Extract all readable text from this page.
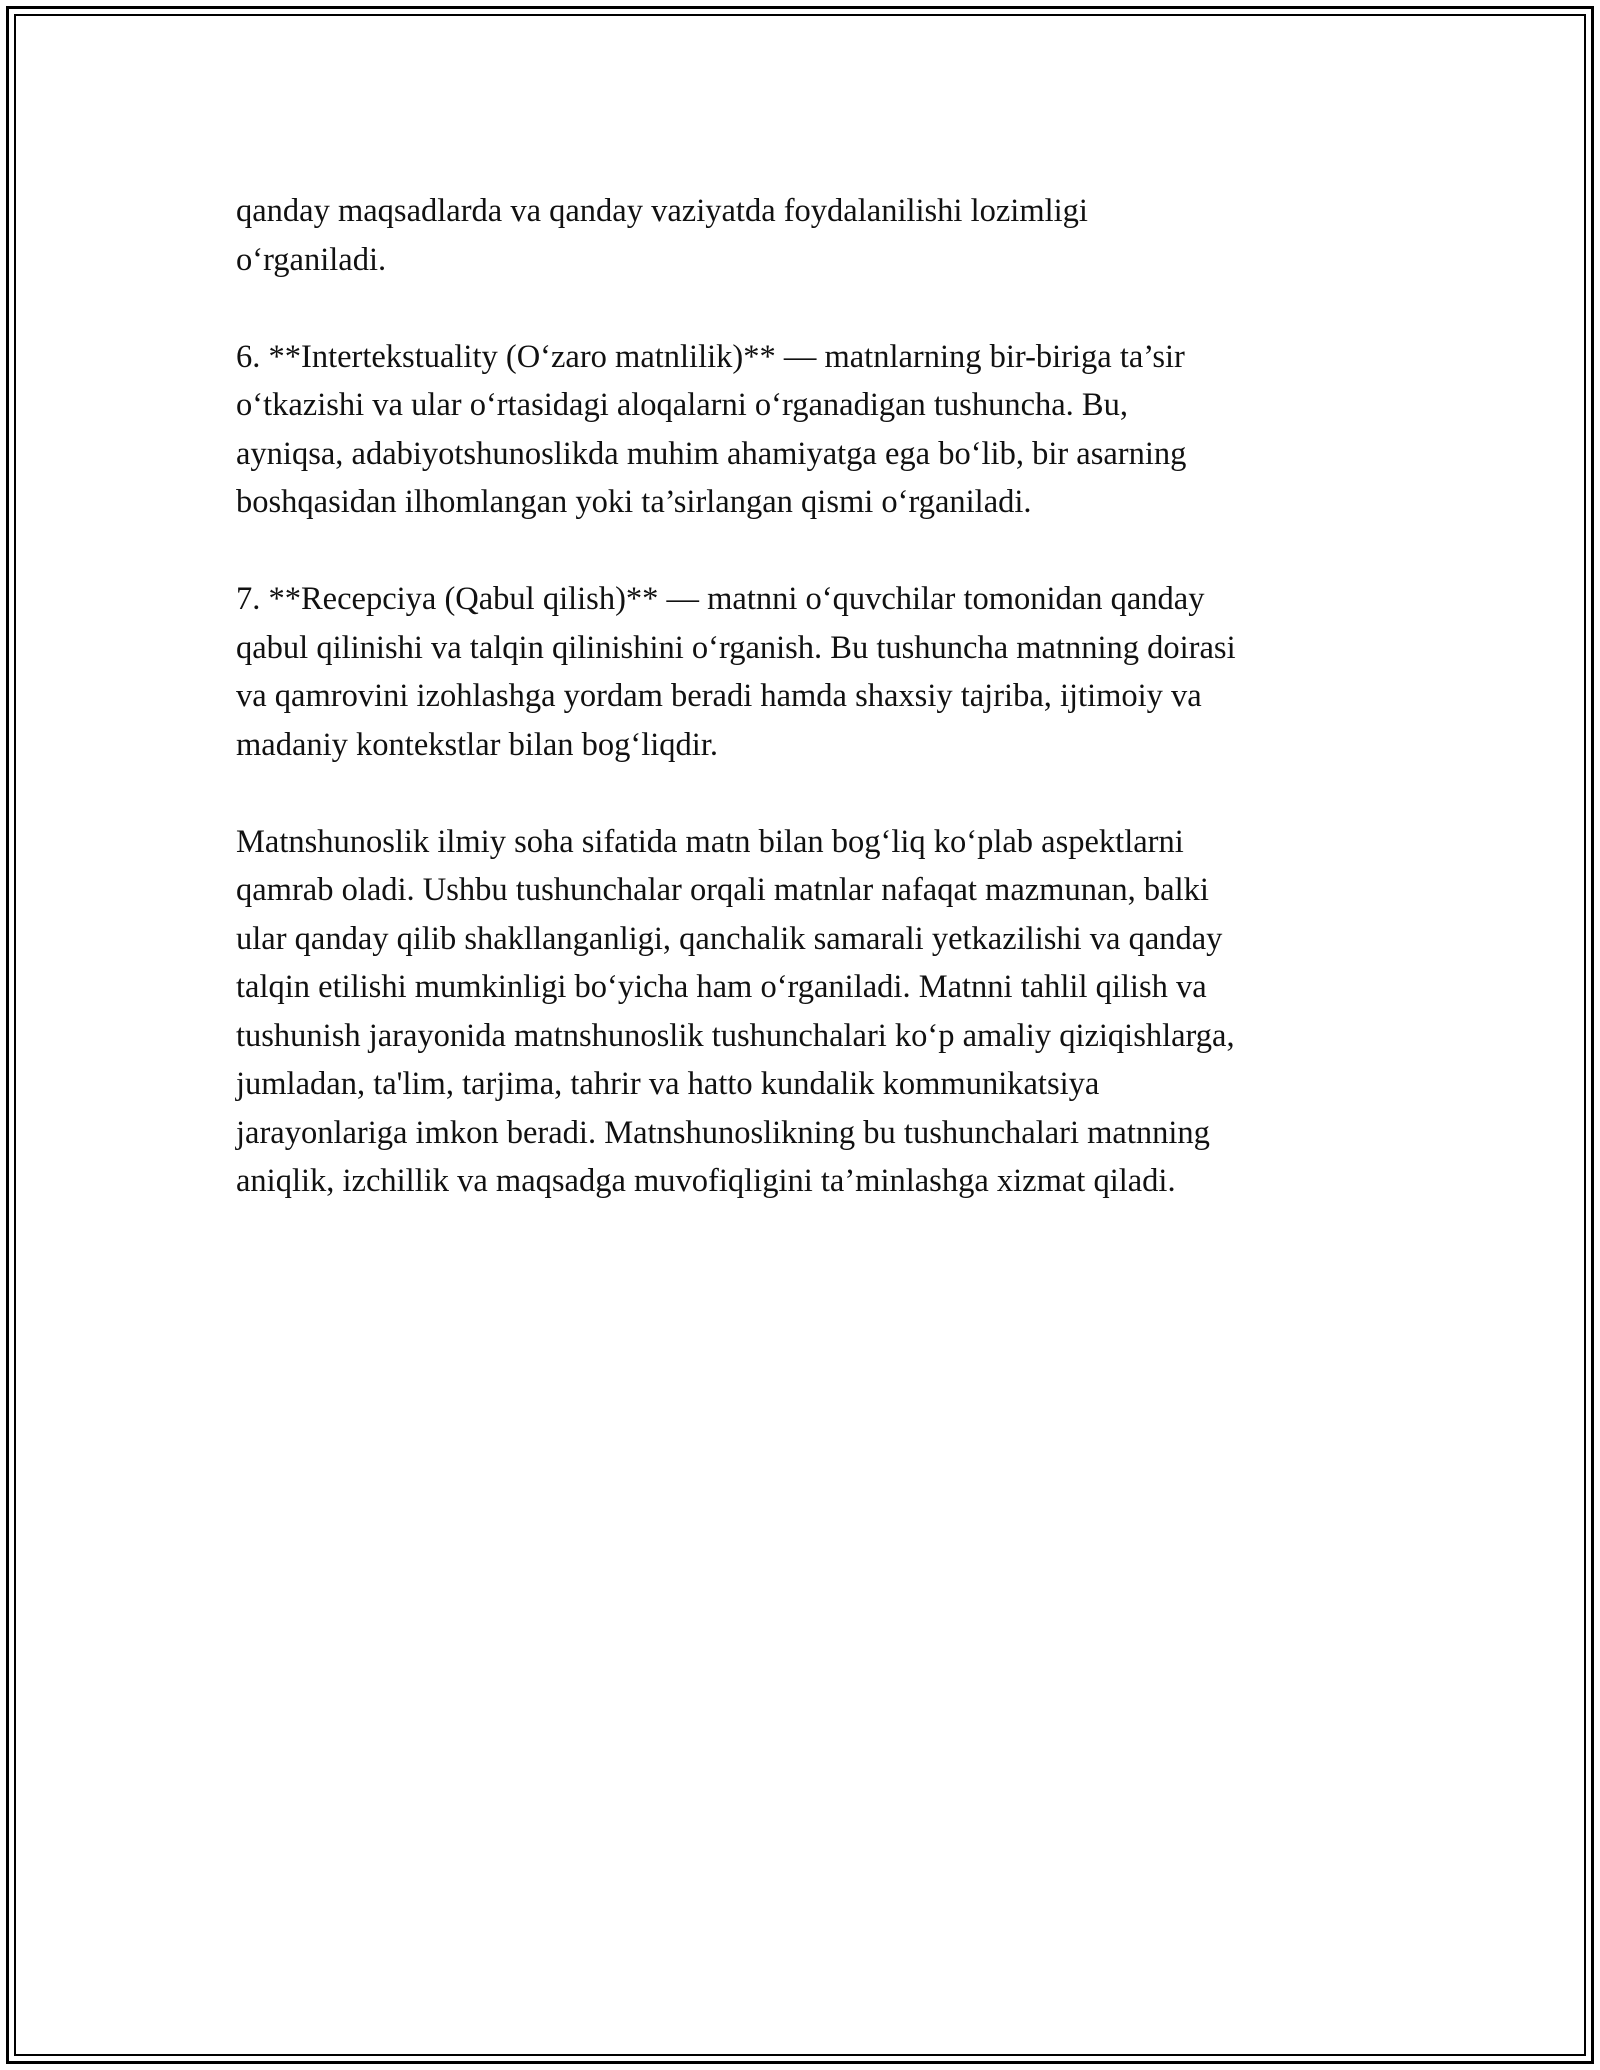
qanday maqsadlarda va qanday vaziyatda foydalanilishi lozimligi
o‘rganiladi.

6. **Intertekstuality (O‘zaro matnlilik)** — matnlarning bir-biriga ta’sir
o‘tkazishi va ular o‘rtasidagi aloqalarni o‘rganadigan tushuncha. Bu,
ayniqsa, adabiyotshunoslikda muhim ahamiyatga ega bo‘lib, bir asarning
boshqasidan ilhomlangan yoki ta’sirlangan qismi o‘rganiladi.

7. **Recepciya (Qabul qilish)** — matnni o‘quvchilar tomonidan qanday
qabul qilinishi va talqin qilinishini o‘rganish. Bu tushuncha matnning doirasi
va qamrovini izohlashga yordam beradi hamda shaxsiy tajriba, ijtimoiy va
madaniy kontekstlar bilan bog‘liqdir.

Matnshunoslik ilmiy soha sifatida matn bilan bog‘liq ko‘plab aspektlarni
qamrab oladi. Ushbu tushunchalar orqali matnlar nafaqat mazmunan, balki
ular qanday qilib shakllanganligi, qanchalik samarali yetkazilishi va qanday
talqin etilishi mumkinligi bo‘yicha ham o‘rganiladi. Matnni tahlil qilish va
tushunish jarayonida matnshunoslik tushunchalari ko‘p amaliy qiziqishlarga,
jumladan, ta'lim, tarjima, tahrir va hatto kundalik kommunikatsiya
jarayonlariga imkon beradi. Matnshunoslikning bu tushunchalari matnning
aniqlik, izchillik va maqsadga muvofiqligini ta’minlashga xizmat qiladi.
